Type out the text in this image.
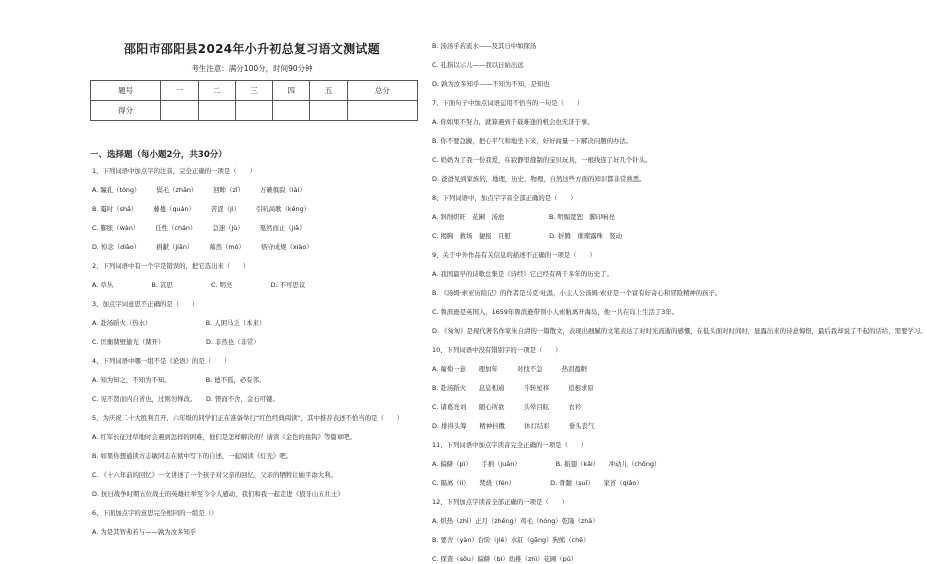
邵阳市邵阳县2024年小升初总复习语文测试题
考生注意：满分100分，时间90分钟
题号	一	二	三	四	五	总分
得分						
一、选择题（每小题2分，共30分）
1、下列词语中加点字的注音，完全正确的一项是（　　）
A. 瞳孔（tóng）　　　鬓毛（zhān）　　　回眸（zī）　　　万籁俱寂（lài）
B. 霉时（shā）　　　藤蔓（quán）　　　苦涩（jì）　　　引吭高歌（kēng）
C. 膨胀（wàn）　　　任性（chán）　　　急速（jù）　　　戛然而止（jiā）
D. 悼念（diào）　　　捐献（jiān）　　　慕然（mó）　　　恪守成规（xiào）
2、下列词语中有一个字是错误的，把它选出来（　　）
A. 草丛　　　　　　B. 哀思　　　　　　C. 明亮　　　　　　D. 不可思议
3、加点字词意思不正确的是（　　）
A. 赴汤蹈火（热水）　　　　　　　　　B. 人困马乏（本来）
C. 匡衡凿壁偷光（凿开）　　　　　　　D. 非然也（非常）
4、下列词语中哪一组不是《论语》的是（　　）
A. 知为知之，不知为不知。　　　　　　B. 德不孤，必有邻。
C. 见不贤而内自省也，过则勿惮改。　　D. 锲而不舍，金石可镂。
5、为庆祝二十大胜利召开，六年级的同学们正在准备举行“红色经典阅读”，其中推荐表述不恰当的是（　　）
A. 红军长征过草地时会遇到怎样的困难，他们是怎样解决的？请读《金色的鱼钩》等篇章吧。
B. 如果你想通读方志敏同志在狱中写下的自述，一起阅读《灯光》吧。
C. 《十六年前的回忆》一文讲述了一个孩子对父亲的回忆，父亲的牺牲让她平添大利。
D. 抗日战争时期五位战士的英雄壮举至今令人感动，我们和我一起走进《狼牙山五壮士》
6、下面加点字的意思完全相同的一组是（）
A. 为是其智弗若与——孰为汝多知乎
B. 汤汤乎若流水——及其日中如探汤
C. 孔指以示儿——我以日始出远
D. 孰为汝多知乎——不知为不知，是知也
7、下面句子中加点词语运用不恰当的一句是（　　）
A. 你如果不努力，就算遇到千载难逢的机会也无济于事。
B. 你不要急躁，把心平气和地坐下来，好好商量一下解决问题的办法。
C. 奶奶为了我一份我爱，在寂静里缝制的宝贝玩具，一根线连了好几个针头。
D. 爸爸见到家族的，地理，历史，物理，自然这些方面的知识都非常熟悉。
8、下列词语中，加点字字音全部正确的是（　　）
A. 斜削炽旺　花圃　汤池　　　　　　　B. 明媚宽恕　脚印响亮
C. 揭胸　救场　捷报　且慰　　　　　　D. 折腾　璀璨露珠　竖动
9、关于中外作品有关信息的描述不正确的一项是（　　）
A. 我国最早的诗歌总集是《诗经》它已经有两千多年的历史了。
B. 《汤姆·索亚历险记》的作者是马克·吐温，小主人公汤姆·索亚是一个富有好奇心和冒险精神的孩子。
C. 鲁滨逊是英国人，1659年鲁滨逊带领小人索航离开海岛，他一共在岛上生活了3年。
D. 《匆匆》是现代著名作家朱自清的一篇散文，表现出细腻的文笔表达了对时光流逝的感慨，在低头面对时间时，显露出来的诗意悔恨，最后我却说了不起的话给，需要学习。
10、下列词语中没有错别字的一项是（　　）
A. 葡萄一意　　理加年　　　对找不急　　　热泪盈眶
B. 赴汤蹈火　　息息相通　　　斗转星移　　　追根求原
C. 诸葛亮刘　　随心所欲　　　头晕目眩　　　衣衫
D. 排得头筹　　精神抖擞　　　休灯结彩　　　垂头丧气
11、下列词语中加点字读音完全正确的一项是（　　）
A. 偏僻（pì）　　手捐（juān）　　　　　　B. 振翅（kǎi）　　冲动儿（chōng）
C. 隔离（lí）　　焚烧（fén）　　　　　　D. 骨髓（suǐ）　　家省（qiǎo）
12、下列加点字读音全部正确的一项是（　　）
A. 炽热（zhì）正月（zhēng）鸡毛（hóng）乾隆（zhā）
B. 要舍（yàn）台阶（jiē）水缸（gāng）狗熊（chē）
C. 探查（sōu）偏僻（bì）幼稚（zhì）花圃（pǔ）
